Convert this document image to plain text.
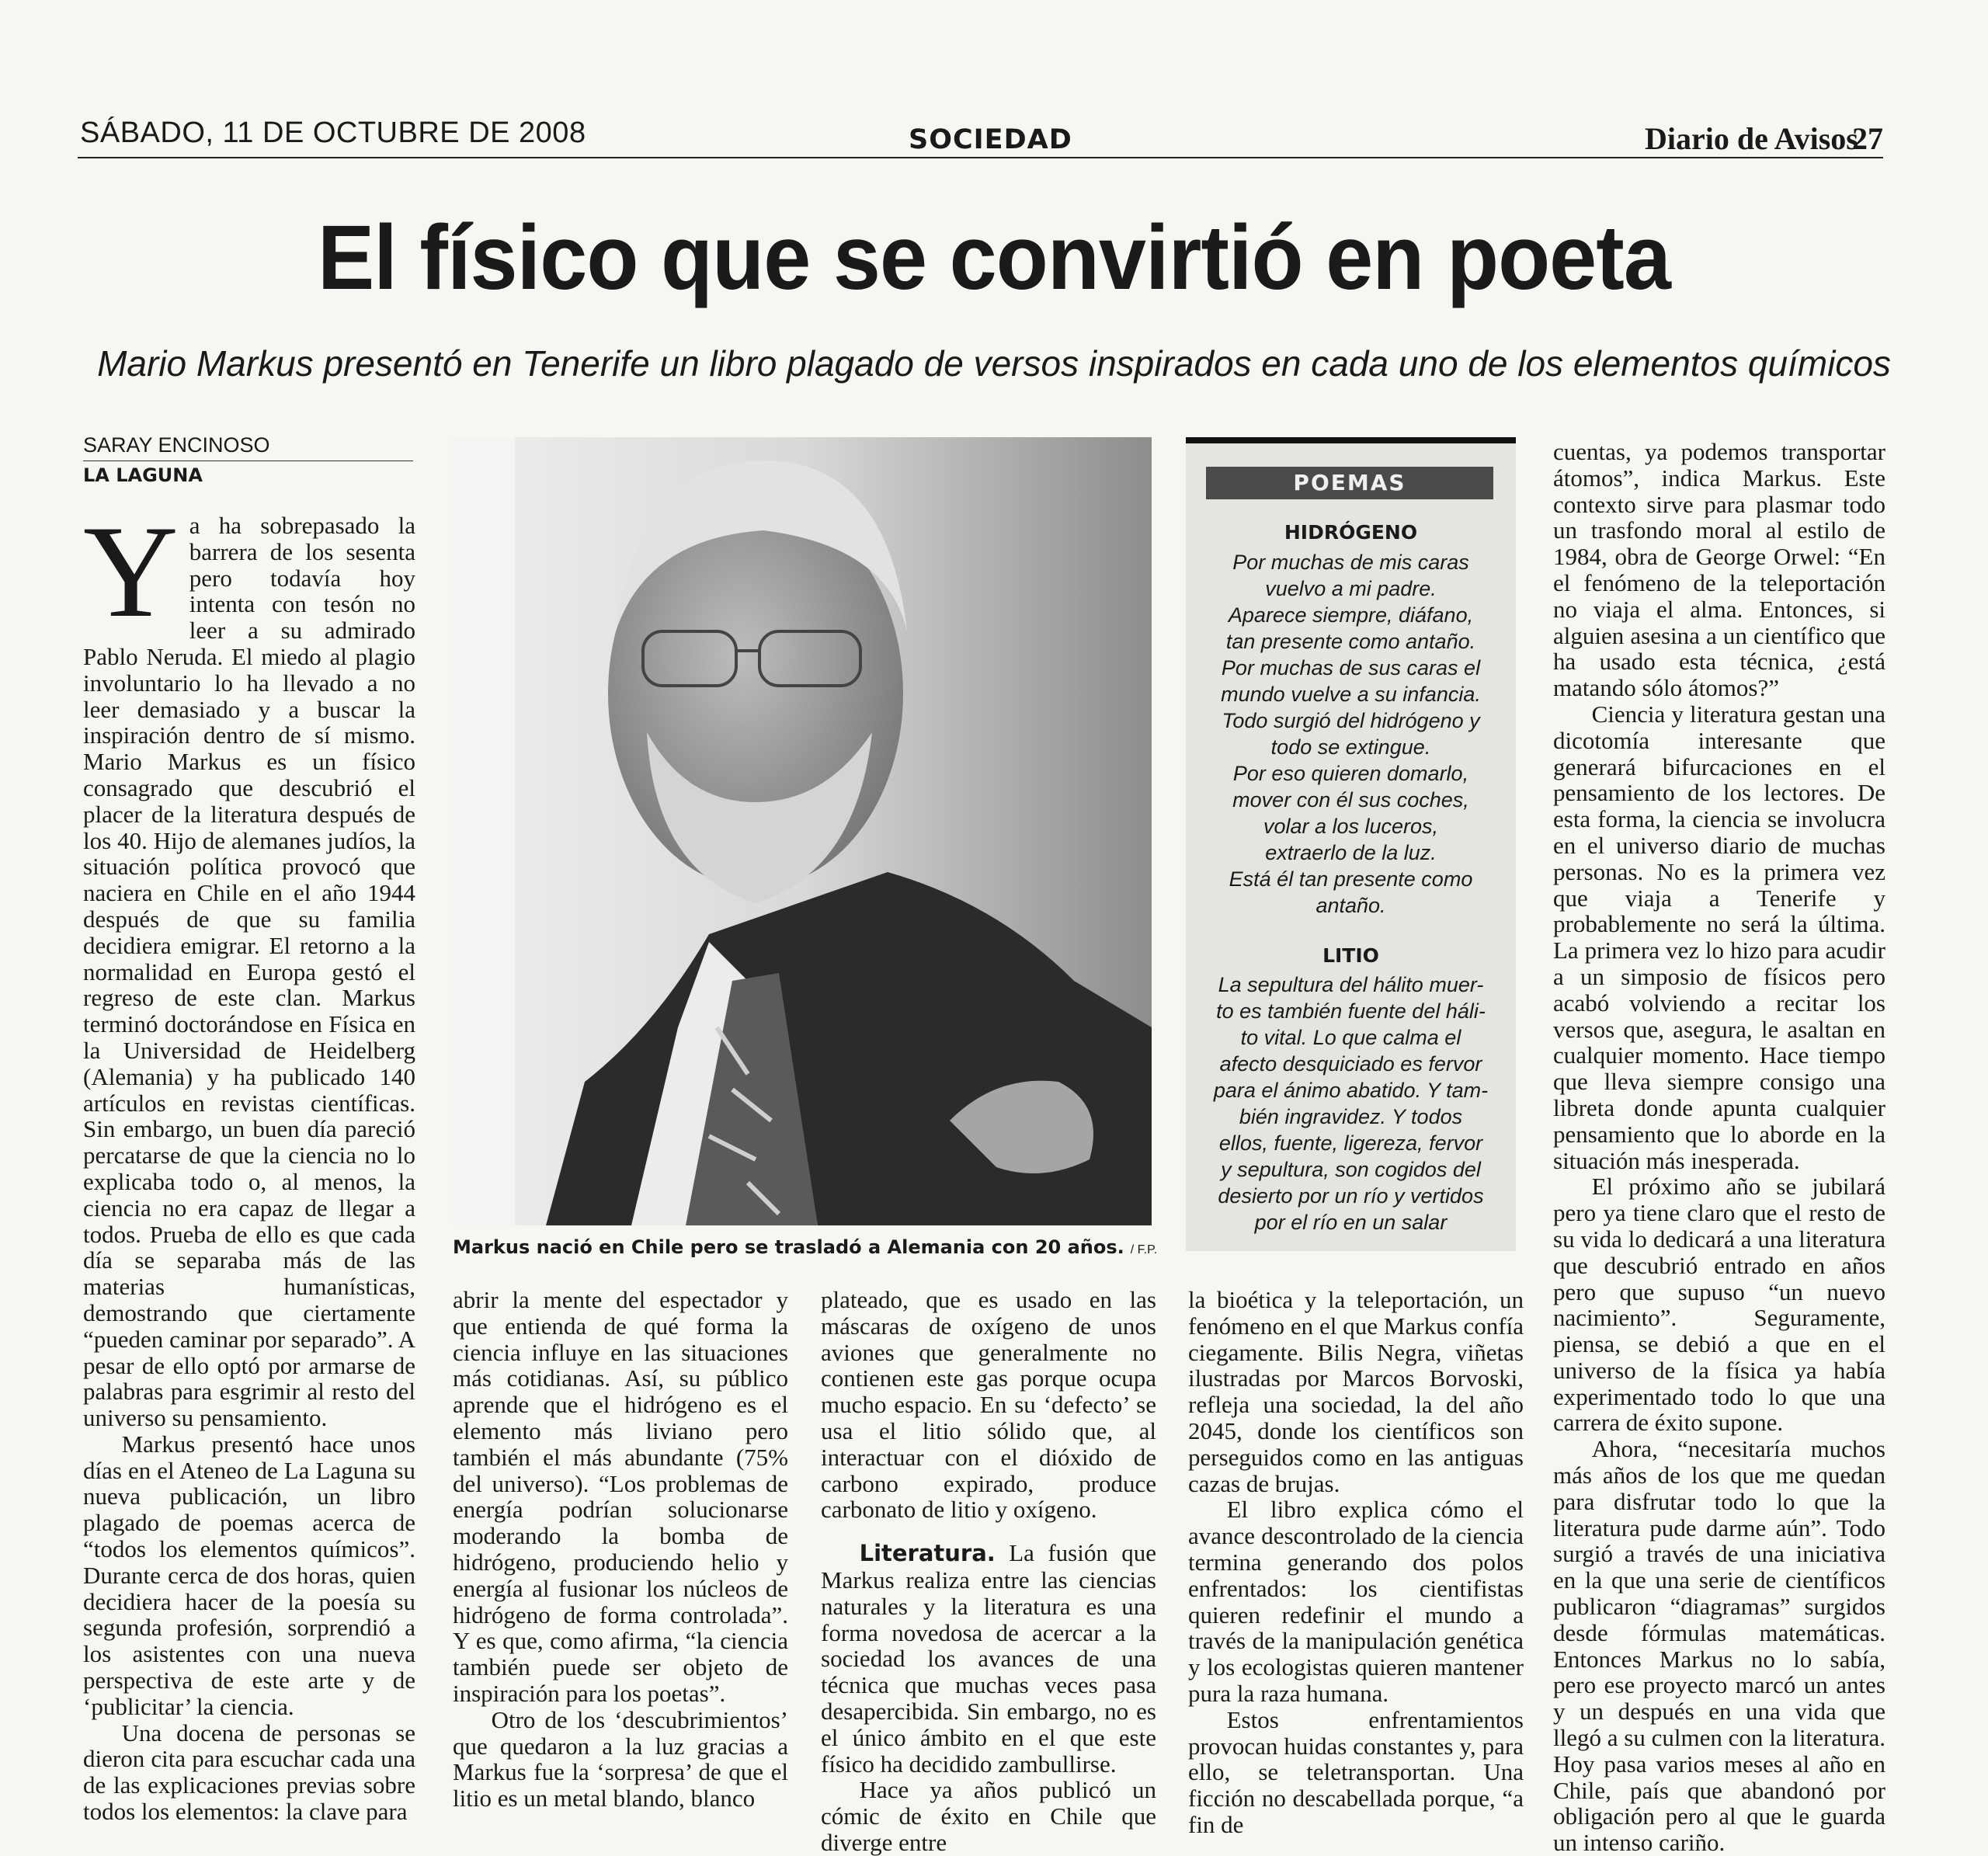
SÁBADO, 11 DE OCTUBRE DE 2008	SOCIEDAD	Diario de Avisos
27
El físico que se convirtió en poeta
Mario Markus presentó en Tenerife un libro plagado de versos inspirados en cada uno de los elementos químicos
SARAY ENCINOSO
LA LAGUNA
Y a ha sobrepasado la barrera de los sesenta pero todavía hoy intenta con tesón no leer a su admirado Pablo Neruda. El miedo al plagio involuntario lo ha llevado a no leer demasiado y a buscar la inspiración dentro de sí mismo. Mario Markus es un físico consagrado que descubrió el placer de la literatura después de los 40. Hijo de alemanes judíos, la situación política provocó que naciera en Chile en el año 1944 después de que su familia decidiera emigrar. El retorno a la normalidad en Europa gestó el regreso de este clan. Markus terminó doctorándose en Física en la Universidad de Heidelberg (Alemania) y ha publicado 140 artículos en revistas científicas. Sin embargo, un buen día pareció percatarse de que la ciencia no lo explicaba todo o, al menos, la ciencia no era capaz de llegar a todos. Prueba de ello es que cada día se separaba más de las materias humanísticas, demostrando que ciertamente “pueden caminar por separado”. A pesar de ello optó por armarse de palabras para esgrimir al resto del universo su pensamiento.

Markus presentó hace unos días en el Ateneo de La Laguna su nueva publicación, un libro plagado de poemas acerca de “todos los elementos químicos”. Durante cerca de dos horas, quien decidiera hacer de la poesía su segunda profesión, sorprendió a los asistentes con una nueva perspectiva de este arte y de ‘publicitar’ la ciencia.

Una docena de personas se dieron cita para escuchar cada una de las explicaciones previas sobre todos los elementos: la clave para

Markus nació en Chile pero se trasladó a Alemania con 20 años. / F.P.
POEMAS
HIDRÓGENO
Por muchas de mis caras
vuelvo a mi padre.
Aparece siempre, diáfano,
tan presente como antaño.
Por muchas de sus caras el
mundo vuelve a su infancia.
Todo surgió del hidrógeno y
todo se extingue.
Por eso quieren domarlo,
mover con él sus coches,
volar a los luceros,
extraerlo de la luz.
Está él tan presente como
antaño.
LITIO
La sepultura del hálito muer-
to es también fuente del háli-
to vital. Lo que calma el
afecto desquiciado es fervor
para el ánimo abatido. Y tam-
bién ingravidez. Y todos
ellos, fuente, ligereza, fervor
y sepultura, son cogidos del
desierto por un río y vertidos
por el río en un salar

abrir la mente del espectador y que entienda de qué forma la ciencia influye en las situaciones más cotidianas. Así, su público aprende que el hidrógeno es el elemento más liviano pero también el más abundante (75% del universo). “Los problemas de energía podrían solucionarse moderando la bomba de hidrógeno, produciendo helio y energía al fusionar los núcleos de hidrógeno de forma controlada”. Y es que, como afirma, “la ciencia también puede ser objeto de inspiración para los poetas”.

Otro de los ‘descubrimientos’ que quedaron a la luz gracias a Markus fue la ‘sorpresa’ de que el litio es un metal blando, blanco

plateado, que es usado en las máscaras de oxígeno de unos aviones que generalmente no contienen este gas porque ocupa mucho espacio. En su ‘defecto’ se usa el litio sólido que, al interactuar con el dióxido de carbono expirado, produce carbonato de litio y oxígeno.

Literatura. La fusión que Markus realiza entre las ciencias naturales y la literatura es una forma novedosa de acercar a la sociedad los avances de una técnica que muchas veces pasa desapercibida. Sin embargo, no es el único ámbito en el que este físico ha decidido zambullirse.

Hace ya años publicó un cómic de éxito en Chile que diverge entre

la bioética y la teleportación, un fenómeno en el que Markus confía ciegamente. Bilis Negra, viñetas ilustradas por Marcos Borvoski, refleja una sociedad, la del año 2045, donde los científicos son perseguidos como en las antiguas cazas de brujas.

El libro explica cómo el avance descontrolado de la ciencia termina generando dos polos enfrentados: los cientifistas quieren redefinir el mundo a través de la manipulación genética y los ecologistas quieren mantener pura la raza humana.

Estos enfrentamientos provocan huidas constantes y, para ello, se teletransportan. Una ficción no descabellada porque, “a fin de

cuentas, ya podemos transportar átomos”, indica Markus. Este contexto sirve para plasmar todo un trasfondo moral al estilo de 1984, obra de George Orwel: “En el fenómeno de la teleportación no viaja el alma. Entonces, si alguien asesina a un científico que ha usado esta técnica, ¿está matando sólo átomos?”

Ciencia y literatura gestan una dicotomía interesante que generará bifurcaciones en el pensamiento de los lectores. De esta forma, la ciencia se involucra en el universo diario de muchas personas. No es la primera vez que viaja a Tenerife y probablemente no será la última. La primera vez lo hizo para acudir a un simposio de físicos pero acabó volviendo a recitar los versos que, asegura, le asaltan en cualquier momento. Hace tiempo que lleva siempre consigo una libreta donde apunta cualquier pensamiento que lo aborde en la situación más inesperada.

El próximo año se jubilará pero ya tiene claro que el resto de su vida lo dedicará a una literatura que descubrió entrado en años pero que supuso “un nuevo nacimiento”. Seguramente, piensa, se debió a que en el universo de la física ya había experimentado todo lo que una carrera de éxito supone.

Ahora, “necesitaría muchos más años de los que me quedan para disfrutar todo lo que la literatura pude darme aún”. Todo surgió a través de una iniciativa en la que una serie de científicos publicaron “diagramas” surgidos desde fórmulas matemáticas. Entonces Markus no lo sabía, pero ese proyecto marcó un antes y un después en una vida que llegó a su culmen con la literatura. Hoy pasa varios meses al año en Chile, país que abandonó por obligación pero al que le guarda un intenso cariño.
